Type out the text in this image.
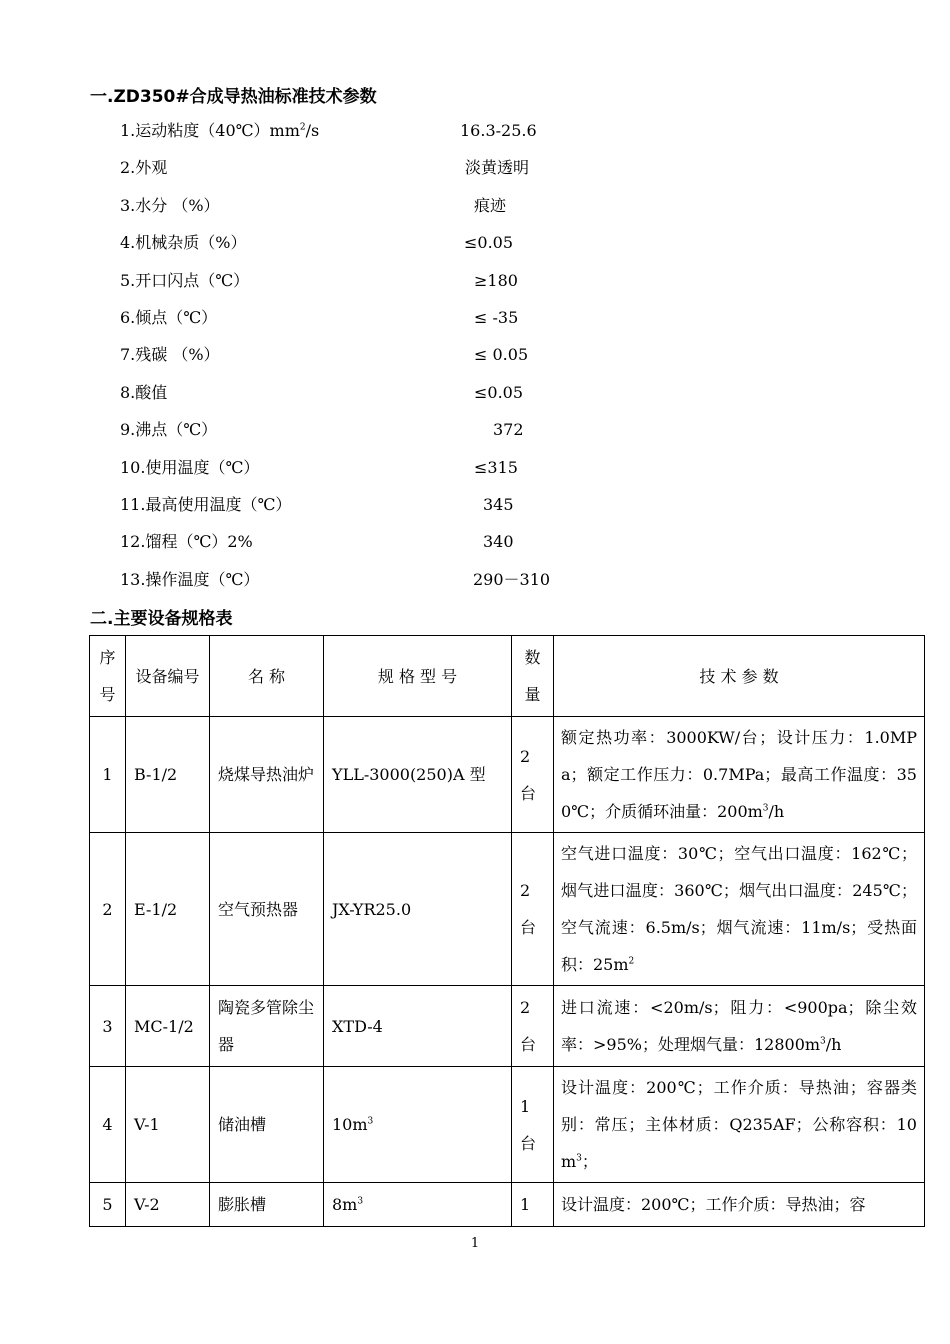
一.ZD350#合成导热油标准技术参数
1.运动粘度$(40℃)mm^2/s$	16.3-25.6
2.外观	淡黄透明
3.水分 （%）	痕迹
4.机械杂质（%）	≤0.05
5.开口闪点（℃）	≥180
6.倾点（℃）	≤ -35
7.残碳 （%）	≤ 0.05
8.酸值	≤0.05
9.沸点（℃）	372
10.使用温度（℃）	≤315
11.最高使用温度（℃）	345
12.馏程（℃）2%	340
13.操作温度（℃）	290－310
二.主要设备规格表
序号	设备编号	名 称	规 格 型 号	数量	技 术 参 数
1	B-1/2	烧煤导热油炉	YLL-3000(250)A 型	2台	额定热功率：3000KW/台；设计压力：1.0MPa；额定工作压力：0.7MPa；最高工作温度：350℃；介质循环油量：$200m^3/h$
2	E-1/2	空气预热器	JX-YR25.0	2台	空气进口温度：30℃；空气出口温度：162℃；烟气进口温度：360℃；烟气出口温度：245℃；空气流速：6.5m/s；烟气流速：11m/s；受热面积：$25m^2$
3	MC-1/2	陶瓷多管除尘器	XTD-4	2台	进口流速：<20m/s；阻力：<900pa；除尘效率：>95%；处理烟气量：$12800m^3/h$
4	V-1	储油槽	$10m^3$	1台	设计温度：200℃；工作介质：导热油；容器类别：常压；主体材质：Q235AF；公称容积：$10m^3$；
5	V-2	膨胀槽	$8m^3$	1	设计温度：200℃；工作介质：导热油；容
1
